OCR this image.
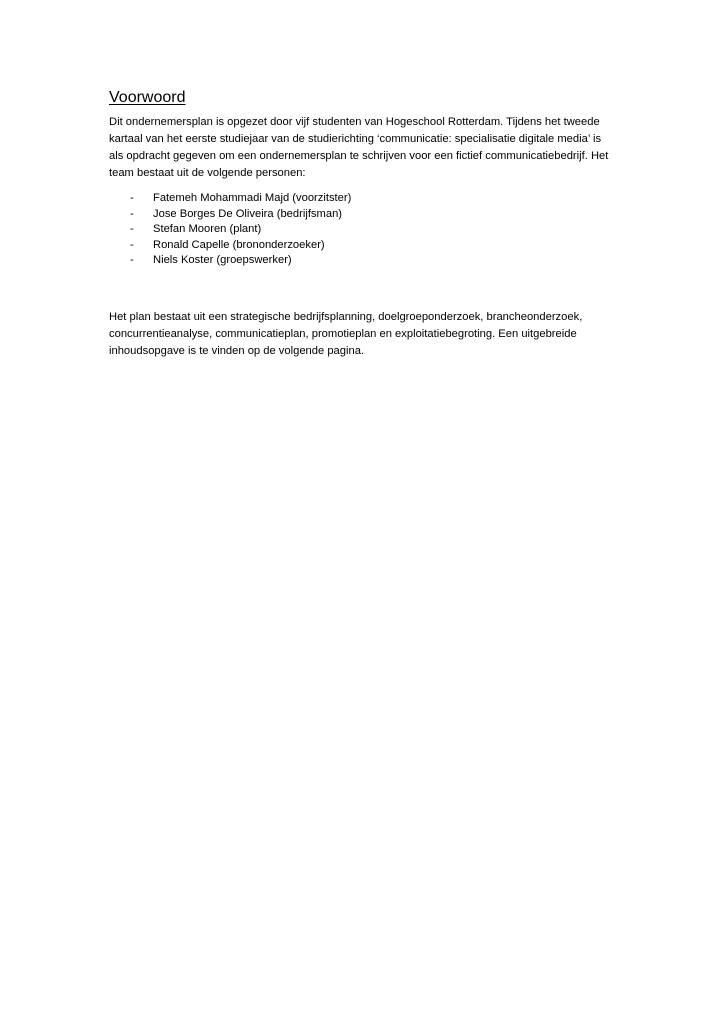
Voorwoord

Dit ondernemersplan is opgezet door vijf studenten van Hogeschool Rotterdam. Tijdens het tweede
kartaal van het eerste studiejaar van de studierichting ‘communicatie: specialisatie digitale media’ is
als opdracht gegeven om een ondernemersplan te schrijven voor een fictief communicatiebedrijf. Het
team bestaat uit de volgende personen:

- Fatemeh Mohammadi Majd (voorzitster)
- Jose Borges De Oliveira (bedrijfsman)
- Stefan Mooren (plant)
- Ronald Capelle (brononderzoeker)
- Niels Koster (groepswerker)

Het plan bestaat uit een strategische bedrijfsplanning, doelgroeponderzoek, brancheonderzoek,
concurrentieanalyse, communicatieplan, promotieplan en exploitatiebegroting. Een uitgebreide
inhoudsopgave is te vinden op de volgende pagina.
